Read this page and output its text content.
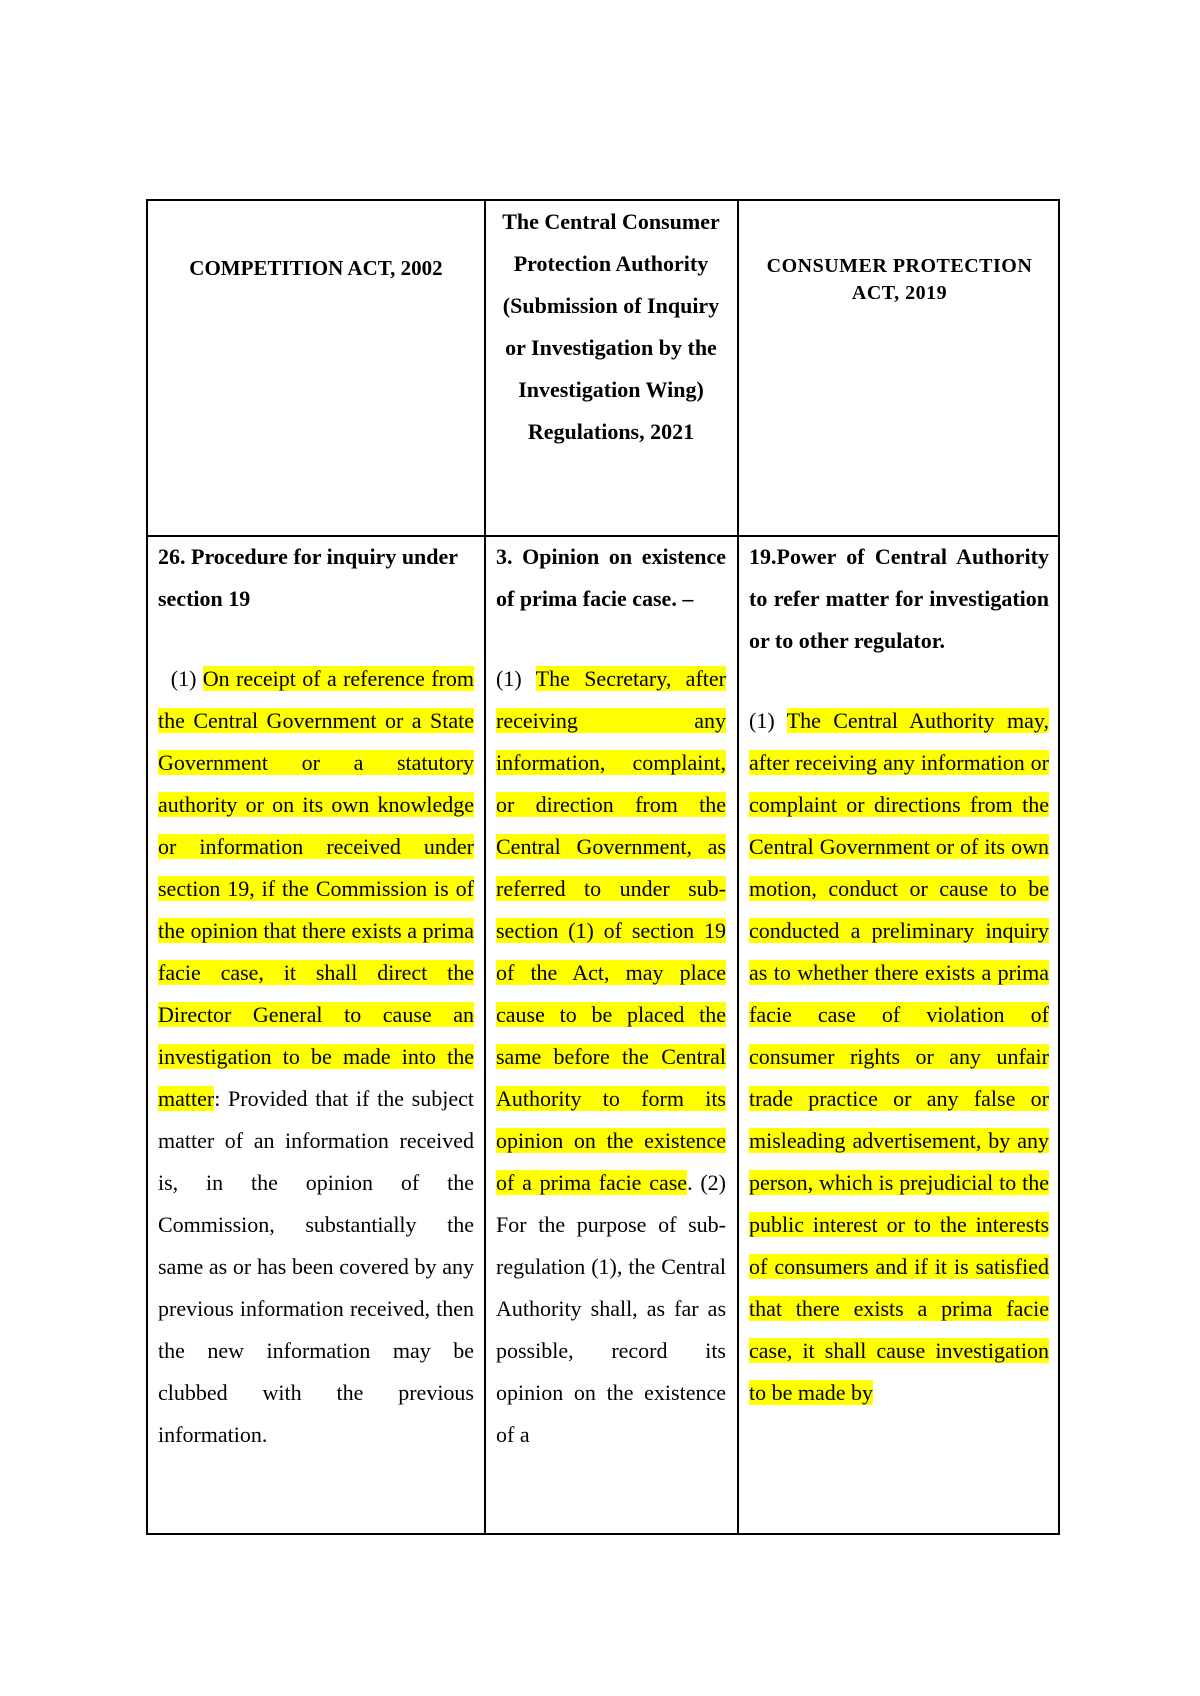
COMPETITION ACT, 2002
The Central Consumer Protection Authority (Submission of Inquiry or Investigation by the Investigation Wing) Regulations, 2021
CONSUMER PROTECTION
ACT, 2019

26. Procedure for inquiry under section 19

(1) On receipt of a reference from the Central Government or a State Government or a statutory authority or on its own knowledge or information received under section 19, if the Commission is of the opinion that there exists a prima facie case, it shall direct the Director General to cause an investigation to be made into the matter: Provided that if the subject matter of an information received is, in the opinion of the Commission, substantially the same as or has been covered by any previous information received, then the new information may be clubbed with the previous information.

3. Opinion on existence of prima facie case. –

(1) The Secretary, after receiving any information, complaint, or direction from the Central Government, as referred to under sub-section (1) of section 19 of the Act, may place cause to be placed the same before the Central Authority to form its opinion on the existence of a prima facie case. (2) For the purpose of sub-regulation (1), the Central Authority shall, as far as possible, record its opinion on the existence of a

19.Power of Central Authority to refer matter for investigation or to other regulator.

(1) The Central Authority may, after receiving any information or complaint or directions from the Central Government or of its own motion, conduct or cause to be conducted a preliminary inquiry as to whether there exists a prima facie case of violation of consumer rights or any unfair trade practice or any false or misleading advertisement, by any person, which is prejudicial to the public interest or to the interests of consumers and if it is satisfied that there exists a prima facie case, it shall cause investigation to be made by
